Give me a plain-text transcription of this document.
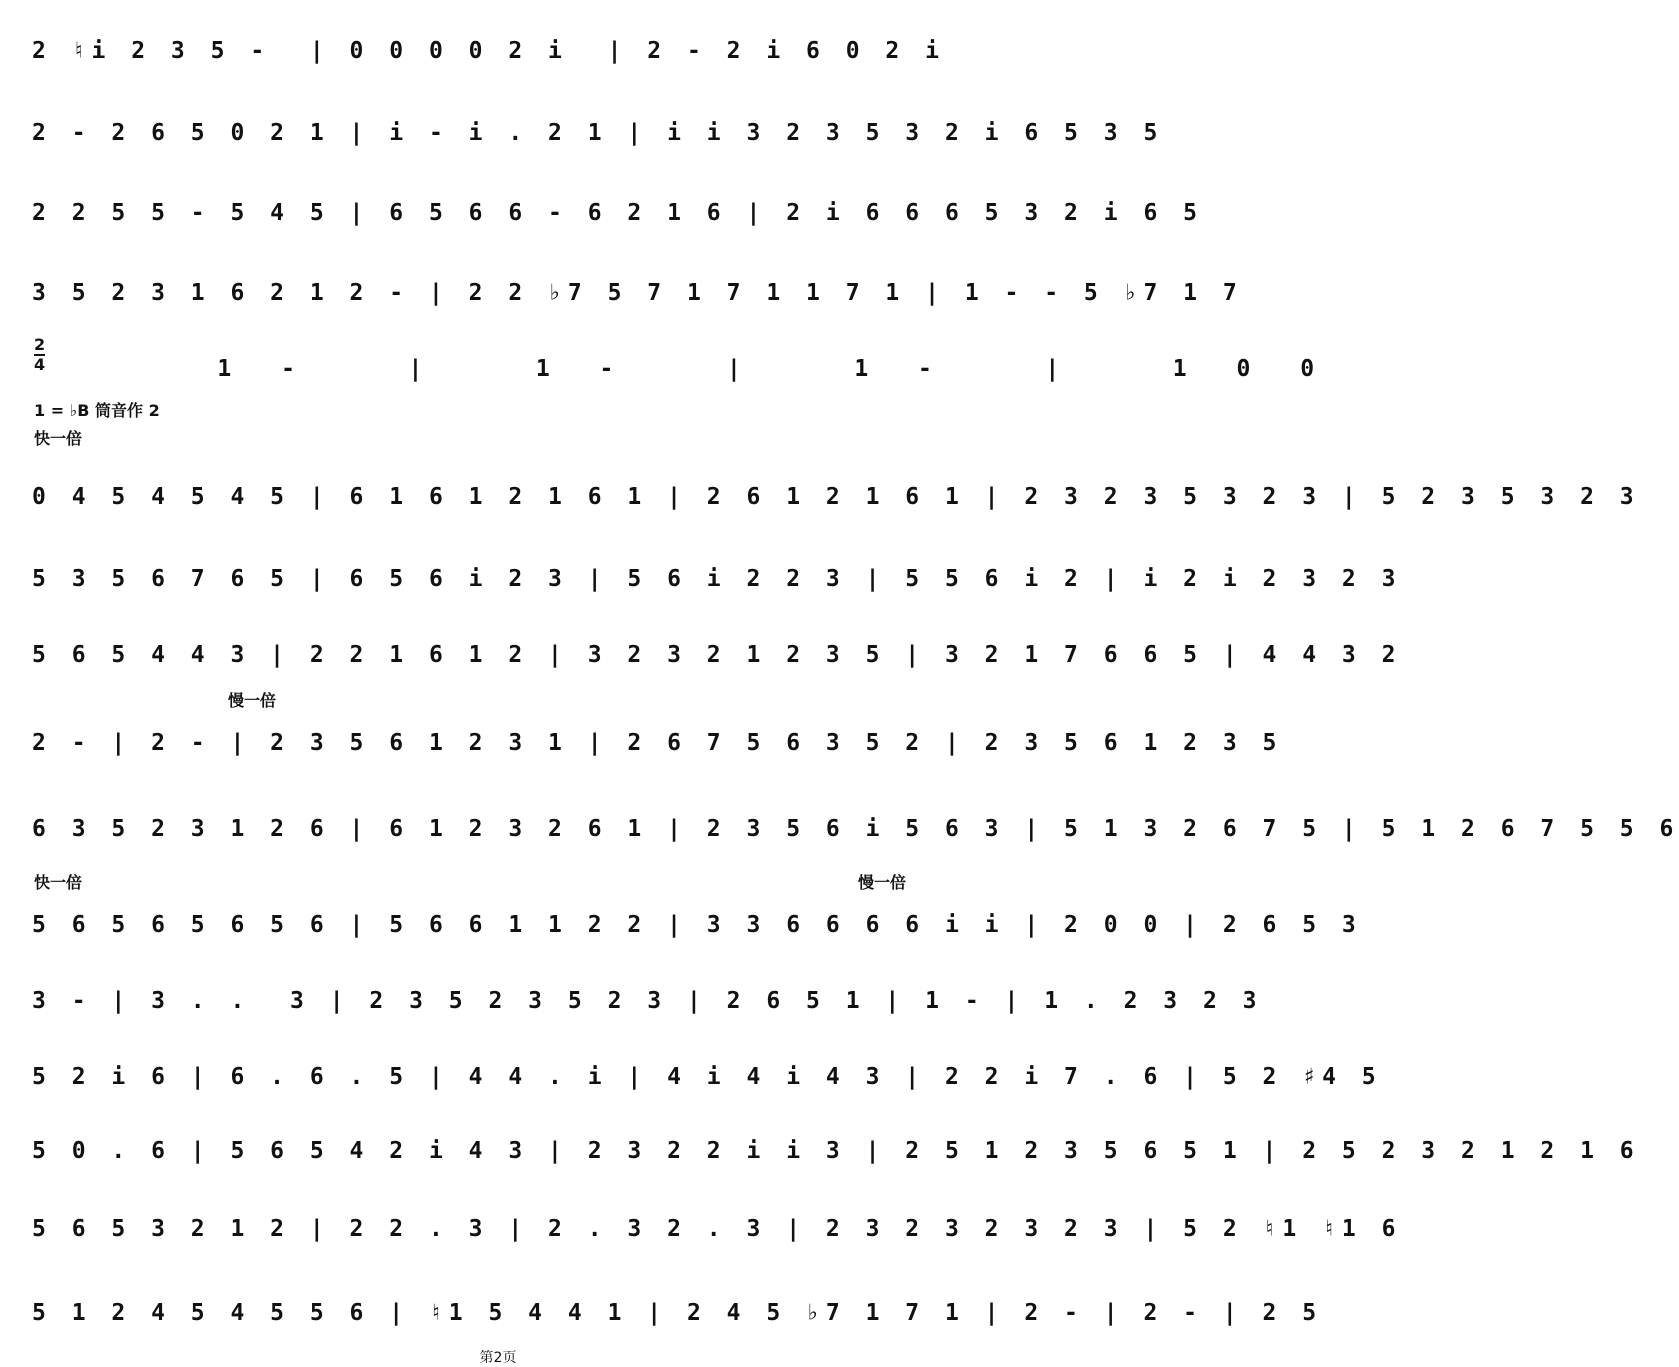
2 ♮i 2 3 5 -  | 0 0 0 0 2 i  | 2 - 2 i 6 0 2 i
2 - 2 6 5 0 2 1 | i - i . 2 1 | i i 3 2 3 5 3 2 i 6 5 3 5
2 2 5 5 - 5 4 5 | 6 5 6 6 - 6 2 1 6 | 2 i 6 6 6 5 3 2 i 6 5
3 5 2 3 1 6 2 1 2 - | 2 2 ♭7 5 7 1 7 1 1 7 1 | 1 - - 5 ♭7 1 7
2
4 1 -   |   1 -   |   1 -   |   1 0 0
1 = ♭B 筒音作 2
快一倍
0 4 5 4 5 4 5 | 6 1 6 1 2 1 6 1 | 2 6 1 2 1 6 1 | 2 3 2 3 5 3 2 3 | 5 2 3 5 3 2 3
5 3 5 6 7 6 5 | 6 5 6 i 2 3 | 5 6 i 2 2 3 | 5 5 6 i 2 | i 2 i 2 3 2 3
5 6 5 4 4 3 | 2 2 1 6 1 2 | 3 2 3 2 1 2 3 5 | 3 2 1 7 6 6 5 | 4 4 3 2
慢一倍
2 - | 2 - | 2 3 5 6 1 2 3 1 | 2 6 7 5 6 3 5 2 | 2 3 5 6 1 2 3 5
6 3 5 2 3 1 2 6 | 6 1 2 3 2 6 1 | 2 3 5 6 i 5 6 3 | 5 1 3 2 6 7 5 | 5 1 2 6 7 5 5 6
快一倍	慢一倍
5 6 5 6 5 6 5 6 | 5 6 6 1 1 2 2 | 3 3 6 6 6 6 i i | 2 0 0 | 2 6 5 3
3 - | 3 . .  3 | 2 3 5 2 3 5 2 3 | 2 6 5 1 | 1 - | 1 . 2 3 2 3
5 2 i 6 | 6 . 6 . 5 | 4 4 . i | 4 i 4 i 4 3 | 2 2 i 7 . 6 | 5 2 ♯4 5
5 0 . 6 | 5 6 5 4 2 i 4 3 | 2 3 2 2 i i 3 | 2 5 1 2 3 5 6 5 1 | 2 5 2 3 2 1 2 1 6
5 6 5 3 2 1 2 | 2 2 . 3 | 2 . 3 2 . 3 | 2 3 2 3 2 3 2 3 | 5 2 ♮1 ♮1 6
5 1 2 4 5 4 5 5 6 | ♮1 5 4 4 1 | 2 4 5 ♭7 1 7 1 | 2 - | 2 - | 2 5
第2页
